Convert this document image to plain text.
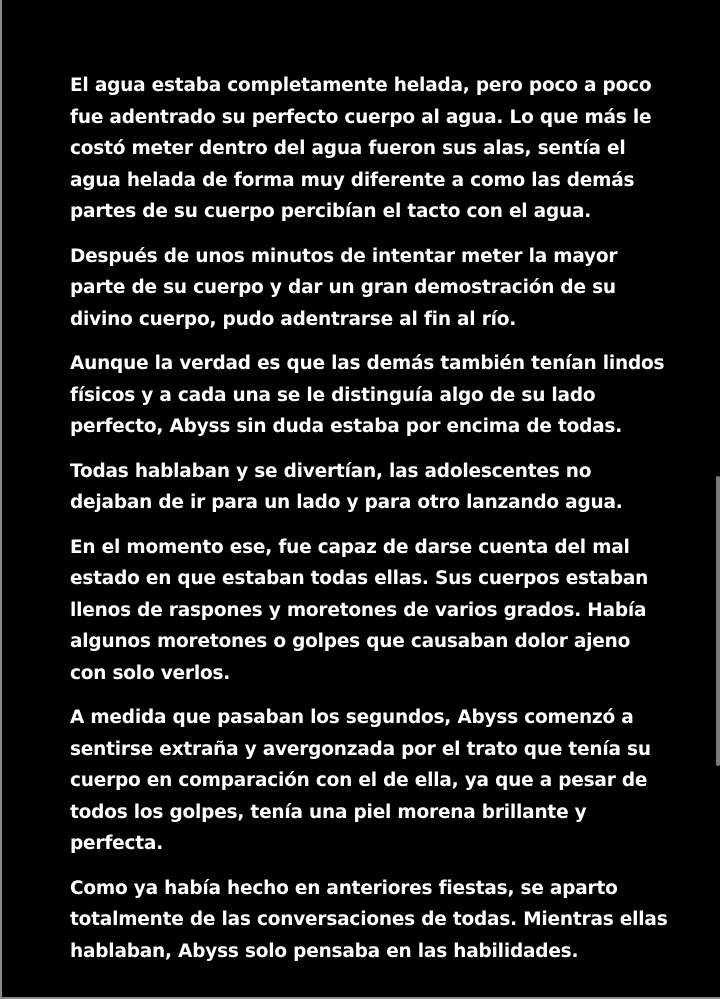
El agua estaba completamente helada, pero poco a poco fue adentrado su perfecto cuerpo al agua. Lo que más le costó meter dentro del agua fueron sus alas, sentía el agua helada de forma muy diferente a como las demás partes de su cuerpo percibían el tacto con el agua.

Después de unos minutos de intentar meter la mayor parte de su cuerpo y dar un gran demostración de su divino cuerpo, pudo adentrarse al fin al río.

Aunque la verdad es que las demás también tenían lindos físicos y a cada una se le distinguía algo de su lado perfecto, Abyss sin duda estaba por encima de todas.

Todas hablaban y se divertían, las adolescentes no dejaban de ir para un lado y para otro lanzando agua.

En el momento ese, fue capaz de darse cuenta del mal estado en que estaban todas ellas. Sus cuerpos estaban llenos de raspones y moretones de varios grados. Había algunos moretones o golpes que causaban dolor ajeno con solo verlos.

A medida que pasaban los segundos, Abyss comenzó a sentirse extraña y avergonzada por el trato que tenía su cuerpo en comparación con el de ella, ya que a pesar de todos los golpes, tenía una piel morena brillante y perfecta.

Como ya había hecho en anteriores fiestas, se aparto totalmente de las conversaciones de todas. Mientras ellas hablaban, Abyss solo pensaba en las habilidades.
